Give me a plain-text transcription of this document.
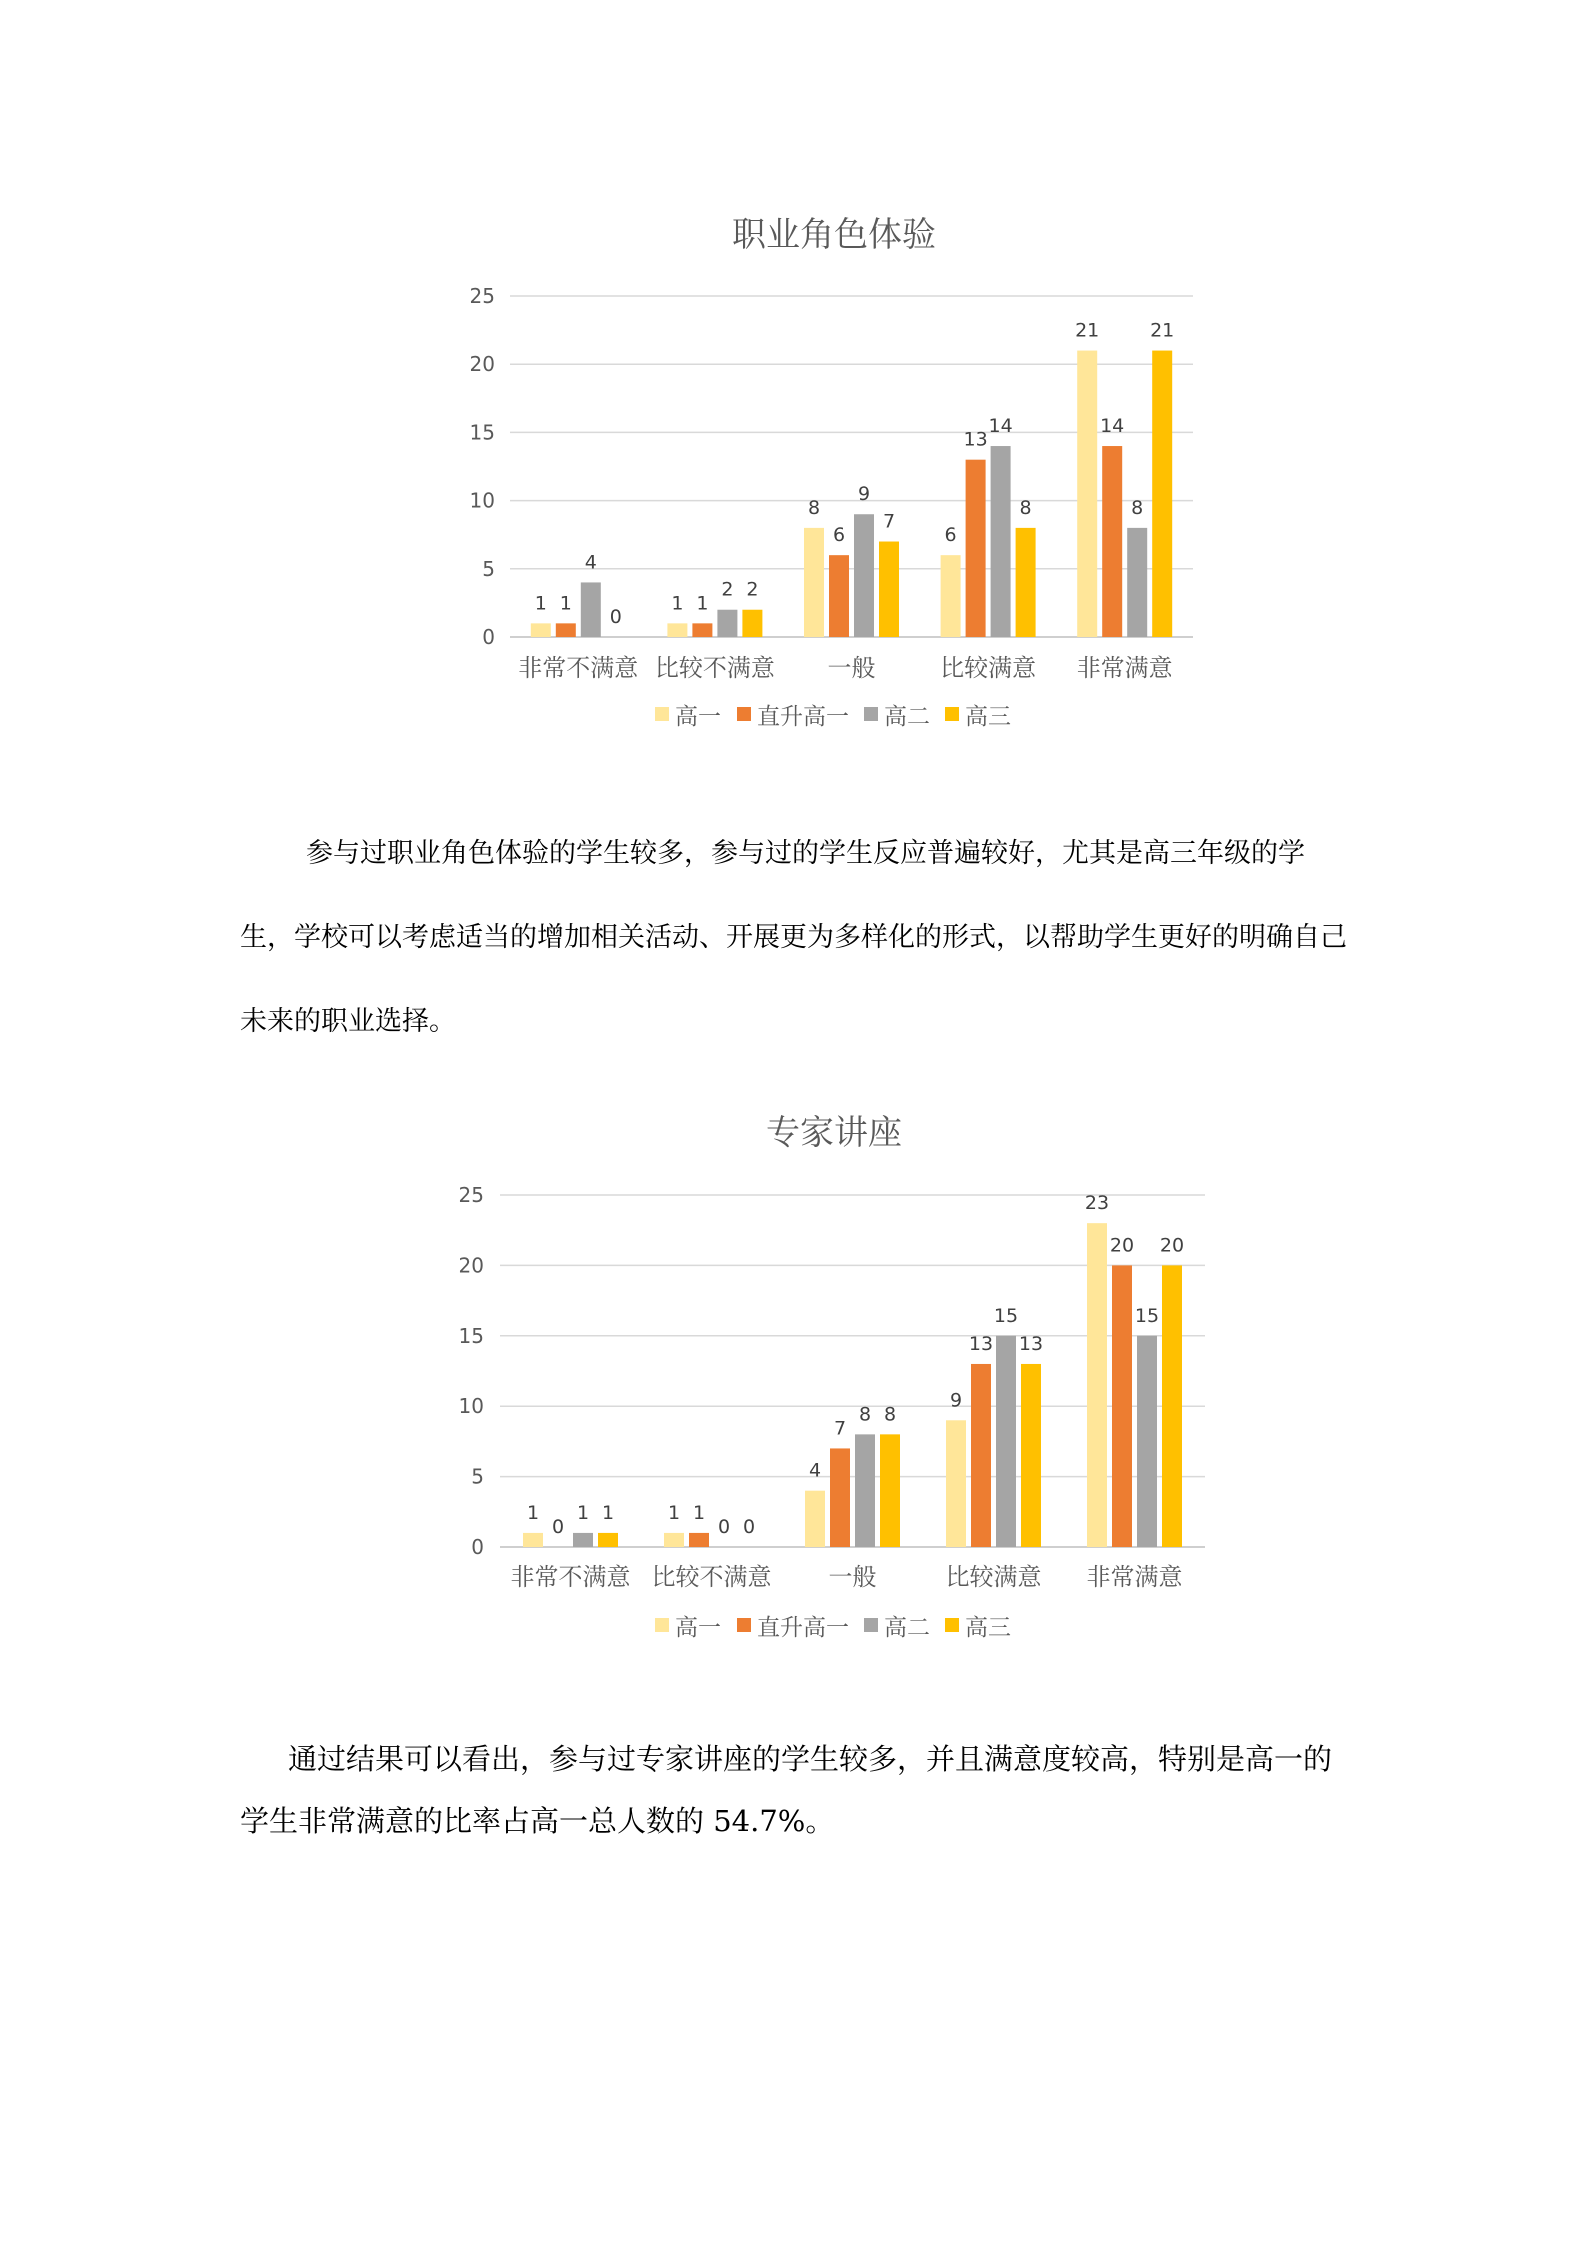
职业角色体验
0
5
10
15
20
25
非常不满意
1 1
4
0
比较不满意
1 1
2 2
一般
8
6
9
7
比较满意
6
13
14
8
非常满意
21
14
8
21
高一 直升高一 高二 高三

参与过职业角色体验的学生较多，参与过的学生反应普遍较好，尤其是高三年级的学生，学校可以考虑适当的增加相关活动、开展更为多样化的形式，以帮助学生更好的明确自己未来的职业选择。

专家讲座
0
5
10
15
20
25
非常不满意
1
0
1 1
比较不满意
1 1
0 0
一般
4
7
8 8
比较满意
9
13
15
13
非常满意
23
20
15
20
高一 直升高一 高二 高三

通过结果可以看出，参与过专家讲座的学生较多，并且满意度较高，特别是高一的学生非常满意的比率占高一总人数的 54.7%。
